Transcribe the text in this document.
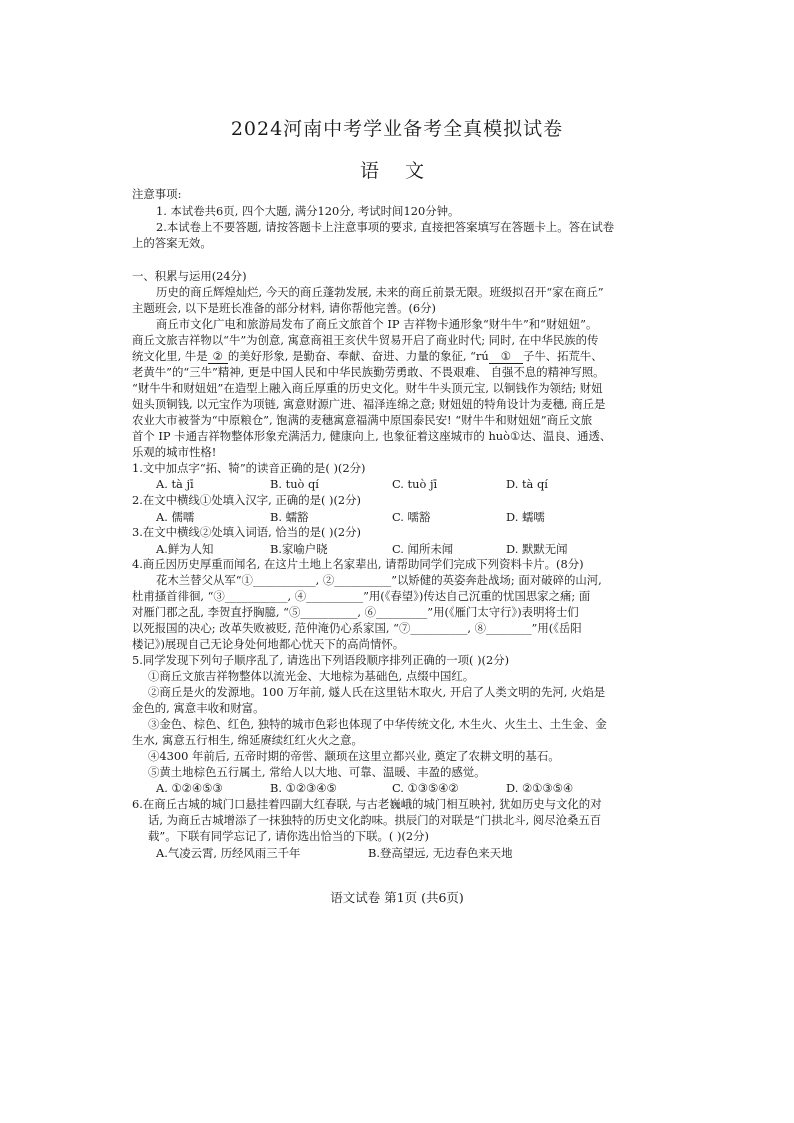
2024河南中考学业备考全真模拟试卷
语 文
注意事项:
1. 本试卷共6页, 四个大题, 满分120分, 考试时间120分钟。
2.本试卷上不要答题, 请按答题卡上注意事项的要求, 直接把答案填写在答题卡上。答在试卷
上的答案无效。
一、积累与运用(24分)
历史的商丘辉煌灿烂, 今天的商丘蓬勃发展, 未来的商丘前景无限。班级拟召开“家在商丘”
主题班会, 以下是班长准备的部分材料, 请你帮他完善。(6分)
商丘市文化广电和旅游局发布了商丘文旅首个 IP 吉祥物卡通形象“财牛牛”和“财妞妞”。
商丘文旅吉祥物以“牛”为创意, 寓意商祖王亥伏牛贸易开启了商业时代; 同时, 在中华民族的传
统文化里, 牛是 ② 的美好形象, 是勤奋、奉献、奋进、力量的象征, “rú ① 子牛、拓荒牛、
老黄牛”的“三牛”精神, 更是中国人民和中华民族勤劳勇敢、不畏艰难、 自强不息的精神写照。
“财牛牛和财妞妞”在造型上融入商丘厚重的历史文化。财牛牛头顶元宝, 以铜钱作为领结; 财妞
妞头顶铜钱, 以元宝作为项链, 寓意财源广进、福泽连绵之意; 财妞妞的特角设计为麦穗, 商丘是
农业大市被誉为“中原粮仓”, 饱满的麦穗寓意福满中原国泰民安! “财牛牛和财妞妞”商丘文旅
首个 IP 卡通吉祥物整体形象充满活力, 健康向上, 也象征着这座城市的 huò①达、温良、通透、
乐观的城市性格!
1.文中加点字“拓、犄”的读音正确的是( )(2分)
A. tà jī	B. tuò qí	C. tuò jī	D. tà qí
2.在文中横线①处填入汉字, 正确的是( )(2分)
A. 儒嚅	B. 蠕豁	C. 嚅豁	D. 蠕嚅
3.在文中横线②处填入词语, 恰当的是( )(2分)
A.鲜为人知	B.家喻户晓	C. 闻所未闻	D. 默默无闻
4.商丘因历史厚重而闻名, 在这片土地上名家辈出, 请帮助同学们完成下列资料卡片。(8分)
花木兰替父从军“①___________, ②__________”以矫健的英姿奔赴战场; 面对破碎的山河,
杜甫搔首徘徊, “③___________, ④__________”用(《春望》)传达自己沉重的忧国思家之痛; 面
对雁门郡之乱, 李贺直抒胸臆, “⑤__________, ⑥_________”用(《雁门太守行》)表明将士们
以死报国的决心; 改革失败被贬, 范仲淹仍心系家国, “⑦__________, ⑧________”用(《岳阳
楼记》)展现自己无论身处何地都心忧天下的高尚情怀。
5.同学发现下列句子顺序乱了, 请选出下列语段顺序排列正确的一项( )(2分)
①商丘文旅吉祥物整体以流光金、大地棕为基础色, 点缀中国红。
②商丘是火的发源地。100 万年前, 燧人氏在这里钻木取火, 开启了人类文明的先河, 火焰是
金色的, 寓意丰收和财富。
③金色、棕色、红色, 独特的城市色彩也体现了中华传统文化, 木生火、火生土、土生金、金
生水, 寓意五行相生, 绵延赓续红红火火之意。
④4300 年前后, 五帝时期的帝喾、颛顼在这里立都兴业, 奠定了农耕文明的基石。
⑤黄土地棕色五行属土, 常给人以大地、可靠、温暖、丰盈的感觉。
A. ①②④⑤③	B. ①②③④⑤	C. ①③⑤④②	D. ②①③⑤④
6.在商丘古城的城门口悬挂着四副大红春联, 与古老巍峨的城门相互映衬, 犹如历史与文化的对
话, 为商丘古城增添了一抹独特的历史文化韵味。拱辰门的对联是“门拱北斗, 阅尽沧桑五百
载”。下联有同学忘记了, 请你选出恰当的下联。( )(2分)
A.气凌云霄, 历经风雨三千年	B.登高望远, 无边春色来天地
语文试卷 第1页 (共6页)
